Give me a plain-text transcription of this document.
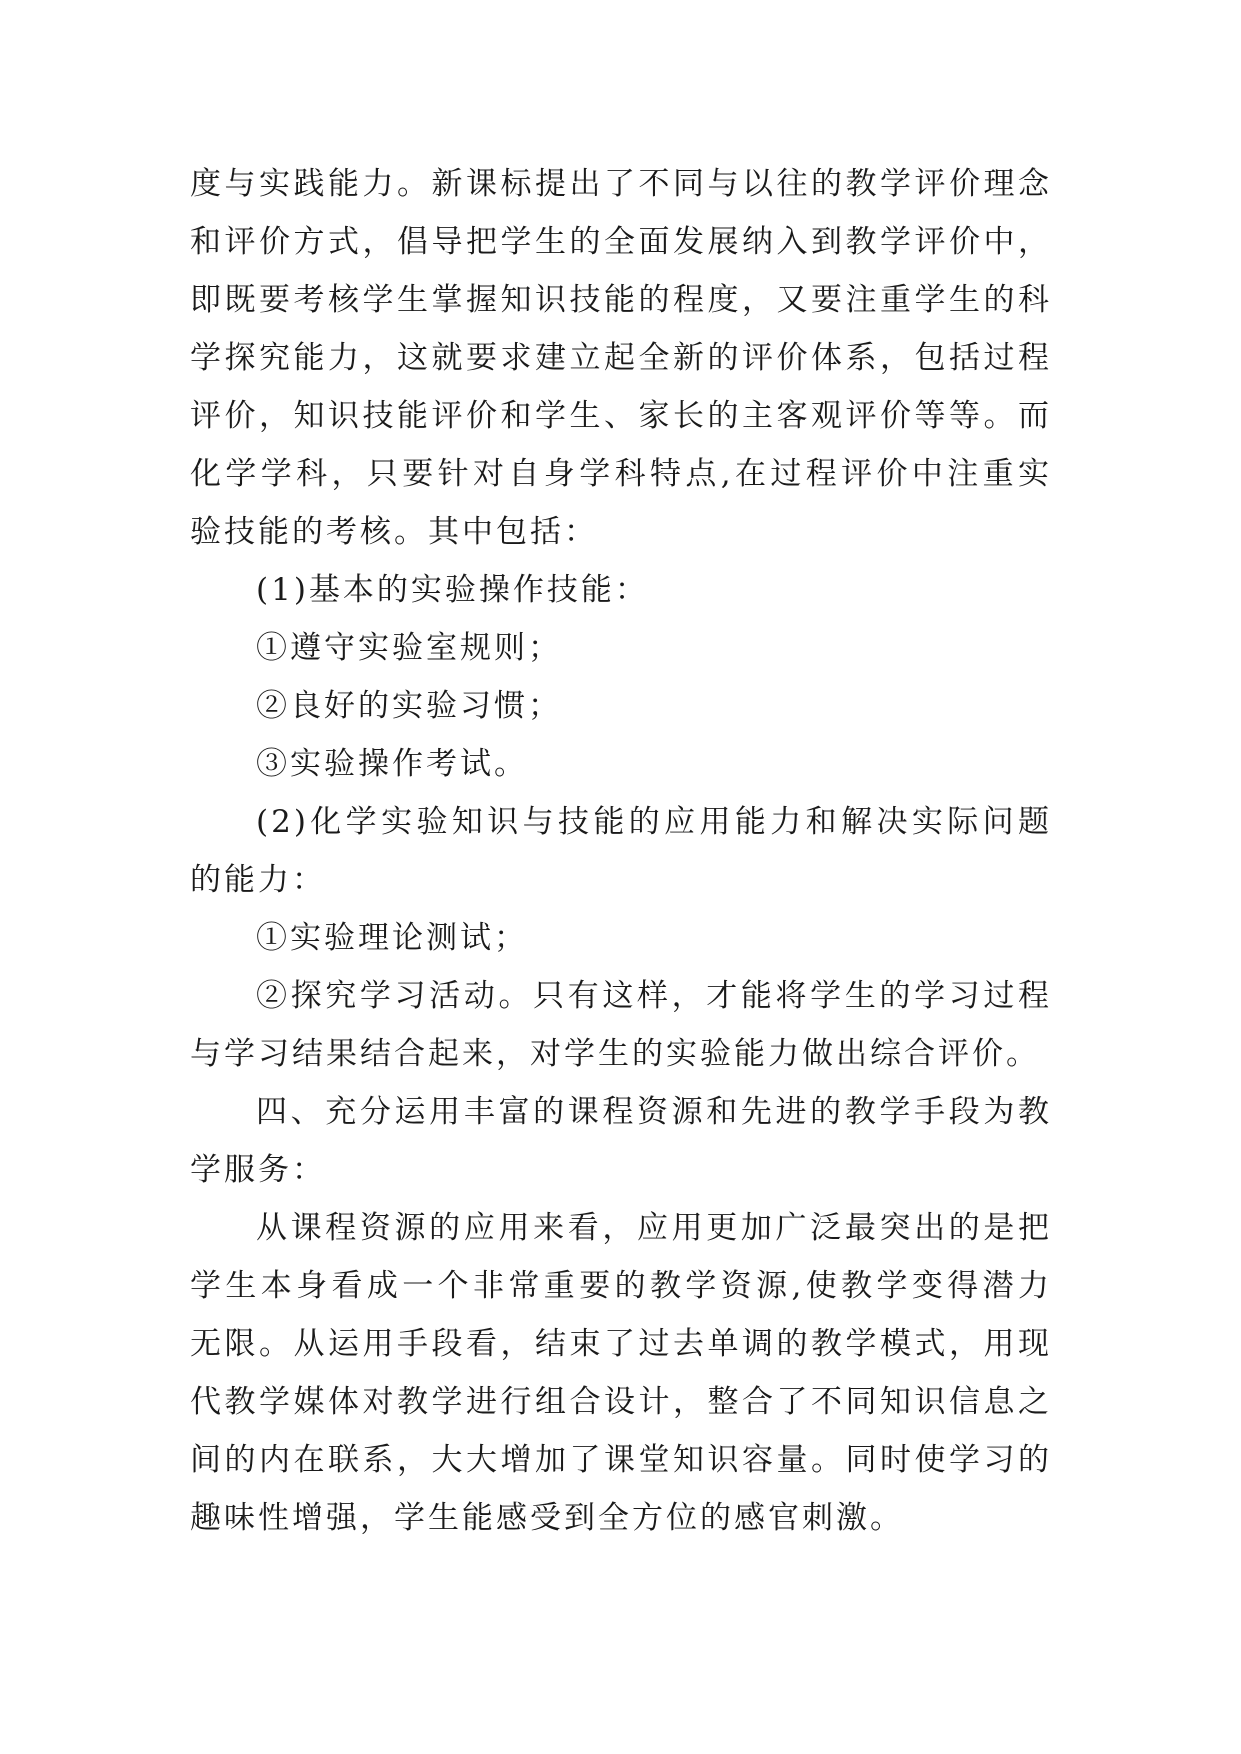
度与实践能力。新课标提出了不同与以往的教学评价理念和评价方式，倡导把学生的全面发展纳入到教学评价中，即既要考核学生掌握知识技能的程度，又要注重学生的科学探究能力，这就要求建立起全新的评价体系，包括过程评价，知识技能评价和学生、家长的主客观评价等等。而化学学科，只要针对自身学科特点,在过程评价中注重实验技能的考核。其中包括：

(1)基本的实验操作技能：

①遵守实验室规则；

②良好的实验习惯；

③实验操作考试。

(2)化学实验知识与技能的应用能力和解决实际问题的能力：

①实验理论测试；

②探究学习活动。只有这样，才能将学生的学习过程与学习结果结合起来，对学生的实验能力做出综合评价。

四、充分运用丰富的课程资源和先进的教学手段为教学服务：

从课程资源的应用来看，应用更加广泛最突出的是把学生本身看成一个非常重要的教学资源,使教学变得潜力无限。从运用手段看，结束了过去单调的教学模式，用现代教学媒体对教学进行组合设计，整合了不同知识信息之间的内在联系，大大增加了课堂知识容量。同时使学习的趣味性增强，学生能感受到全方位的感官刺激。
